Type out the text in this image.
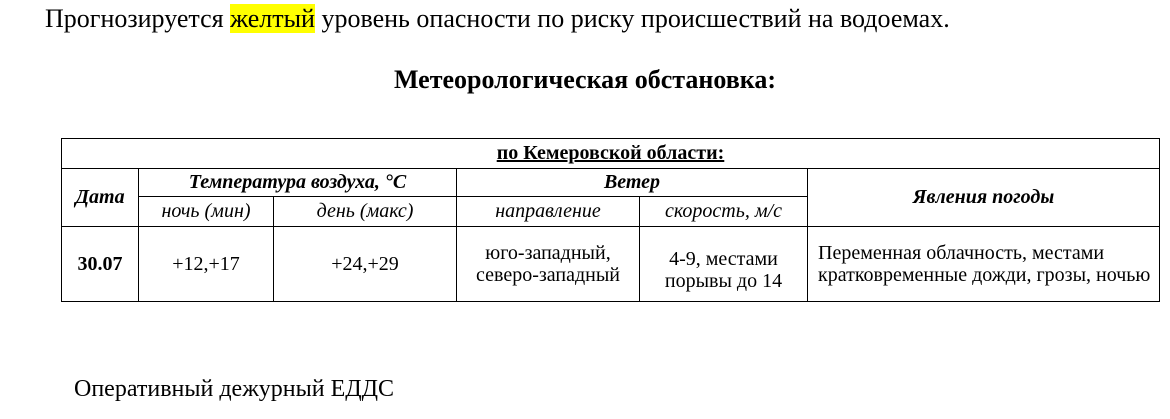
Прогнозируется желтый уровень опасности по риску происшествий на водоемах.
Метеорологическая обстановка:
по Кемеровской области:					
Дата	Температура воздуха, °С		Ветер		Явления погоды
	ночь (мин)	день (макс)	направление	скорость, м/с	
30.07	+12,+17	+24,+29	юго-западный, северо-западный	4-9, местами порывы до 14	Переменная облачность, местами кратковременные дожди, грозы, ночью
Оперативный дежурный ЕДДС
